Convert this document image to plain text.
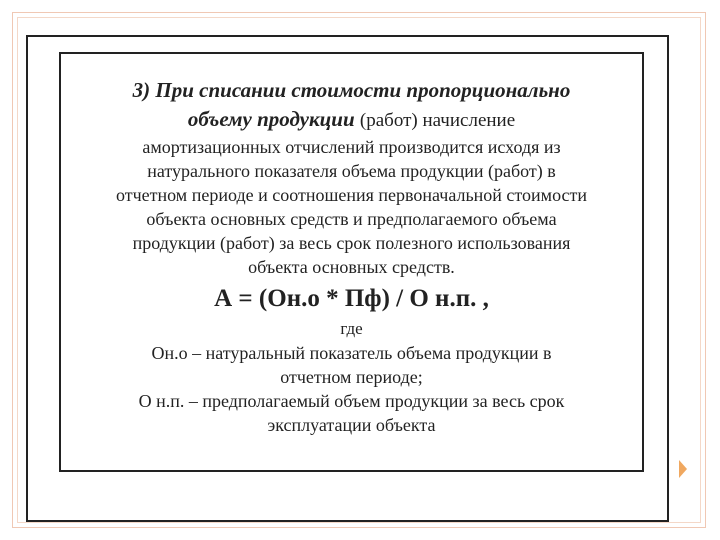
3) При списании стоимости пропорционально
объему продукции (работ) начисление
амортизационных отчислений производится исходя из
натурального показателя объема продукции (работ) в
отчетном периоде и соотношения первоначальной стоимости
объекта основных средств и предполагаемого объема
продукции (работ) за весь срок полезного использования
объекта основных средств.
А = (Он.о * Пф) / О н.п. ,
где
Он.о – натуральный показатель объема продукции в
отчетном периоде;
О н.п. – предполагаемый объем продукции за весь срок
эксплуатации объекта
